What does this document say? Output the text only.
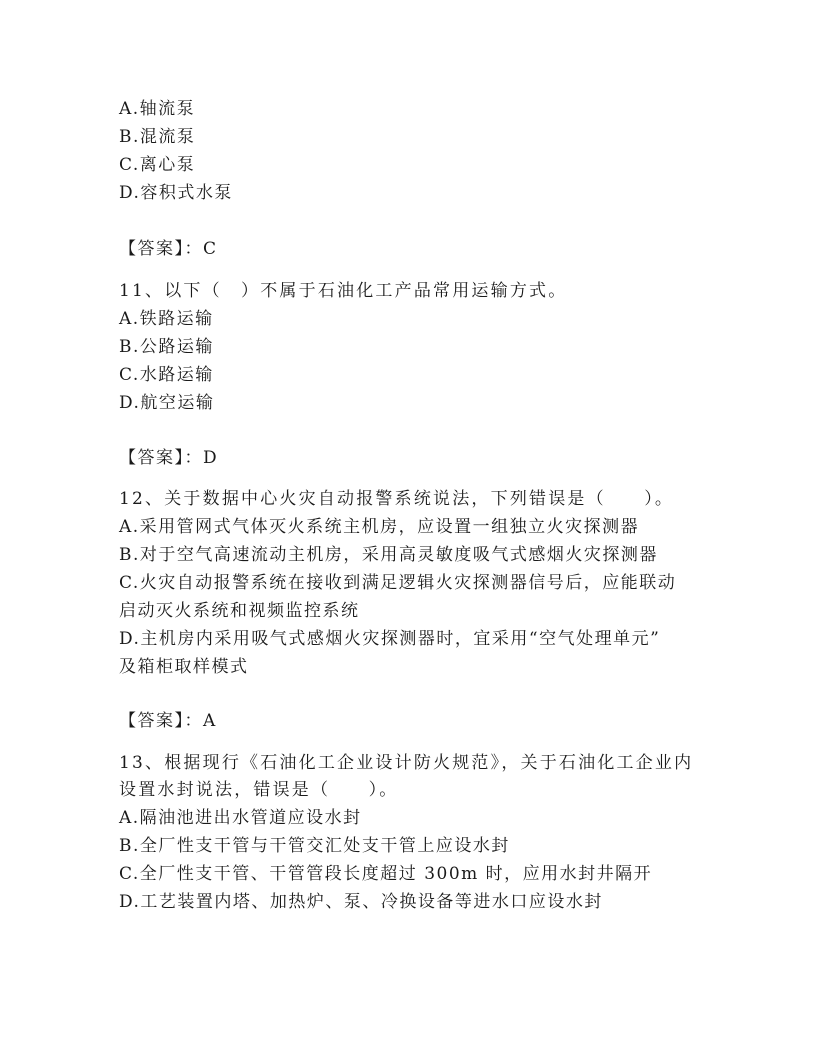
A.轴流泵
B.混流泵
C.离心泵
D.容积式水泵
【答案】：C
11、以下（　）不属于石油化工产品常用运输方式。
A.铁路运输
B.公路运输
C.水路运输
D.航空运输
【答案】：D
12、关于数据中心火灾自动报警系统说法，下列错误是（　　）。
A.采用管网式气体灭火系统主机房，应设置一组独立火灾探测器
B.对于空气高速流动主机房，采用高灵敏度吸气式感烟火灾探测器
C.火灾自动报警系统在接收到满足逻辑火灾探测器信号后，应能联动
启动灭火系统和视频监控系统
D.主机房内采用吸气式感烟火灾探测器时，宜采用“空气处理单元”
及箱柜取样模式
【答案】：A
13、根据现行《石油化工企业设计防火规范》，关于石油化工企业内
设置水封说法，错误是（　　）。
A.隔油池进出水管道应设水封
B.全厂性支干管与干管交汇处支干管上应设水封
C.全厂性支干管、干管管段长度超过 300m 时，应用水封井隔开
D.工艺装置内塔、加热炉、泵、冷换设备等进水口应设水封
